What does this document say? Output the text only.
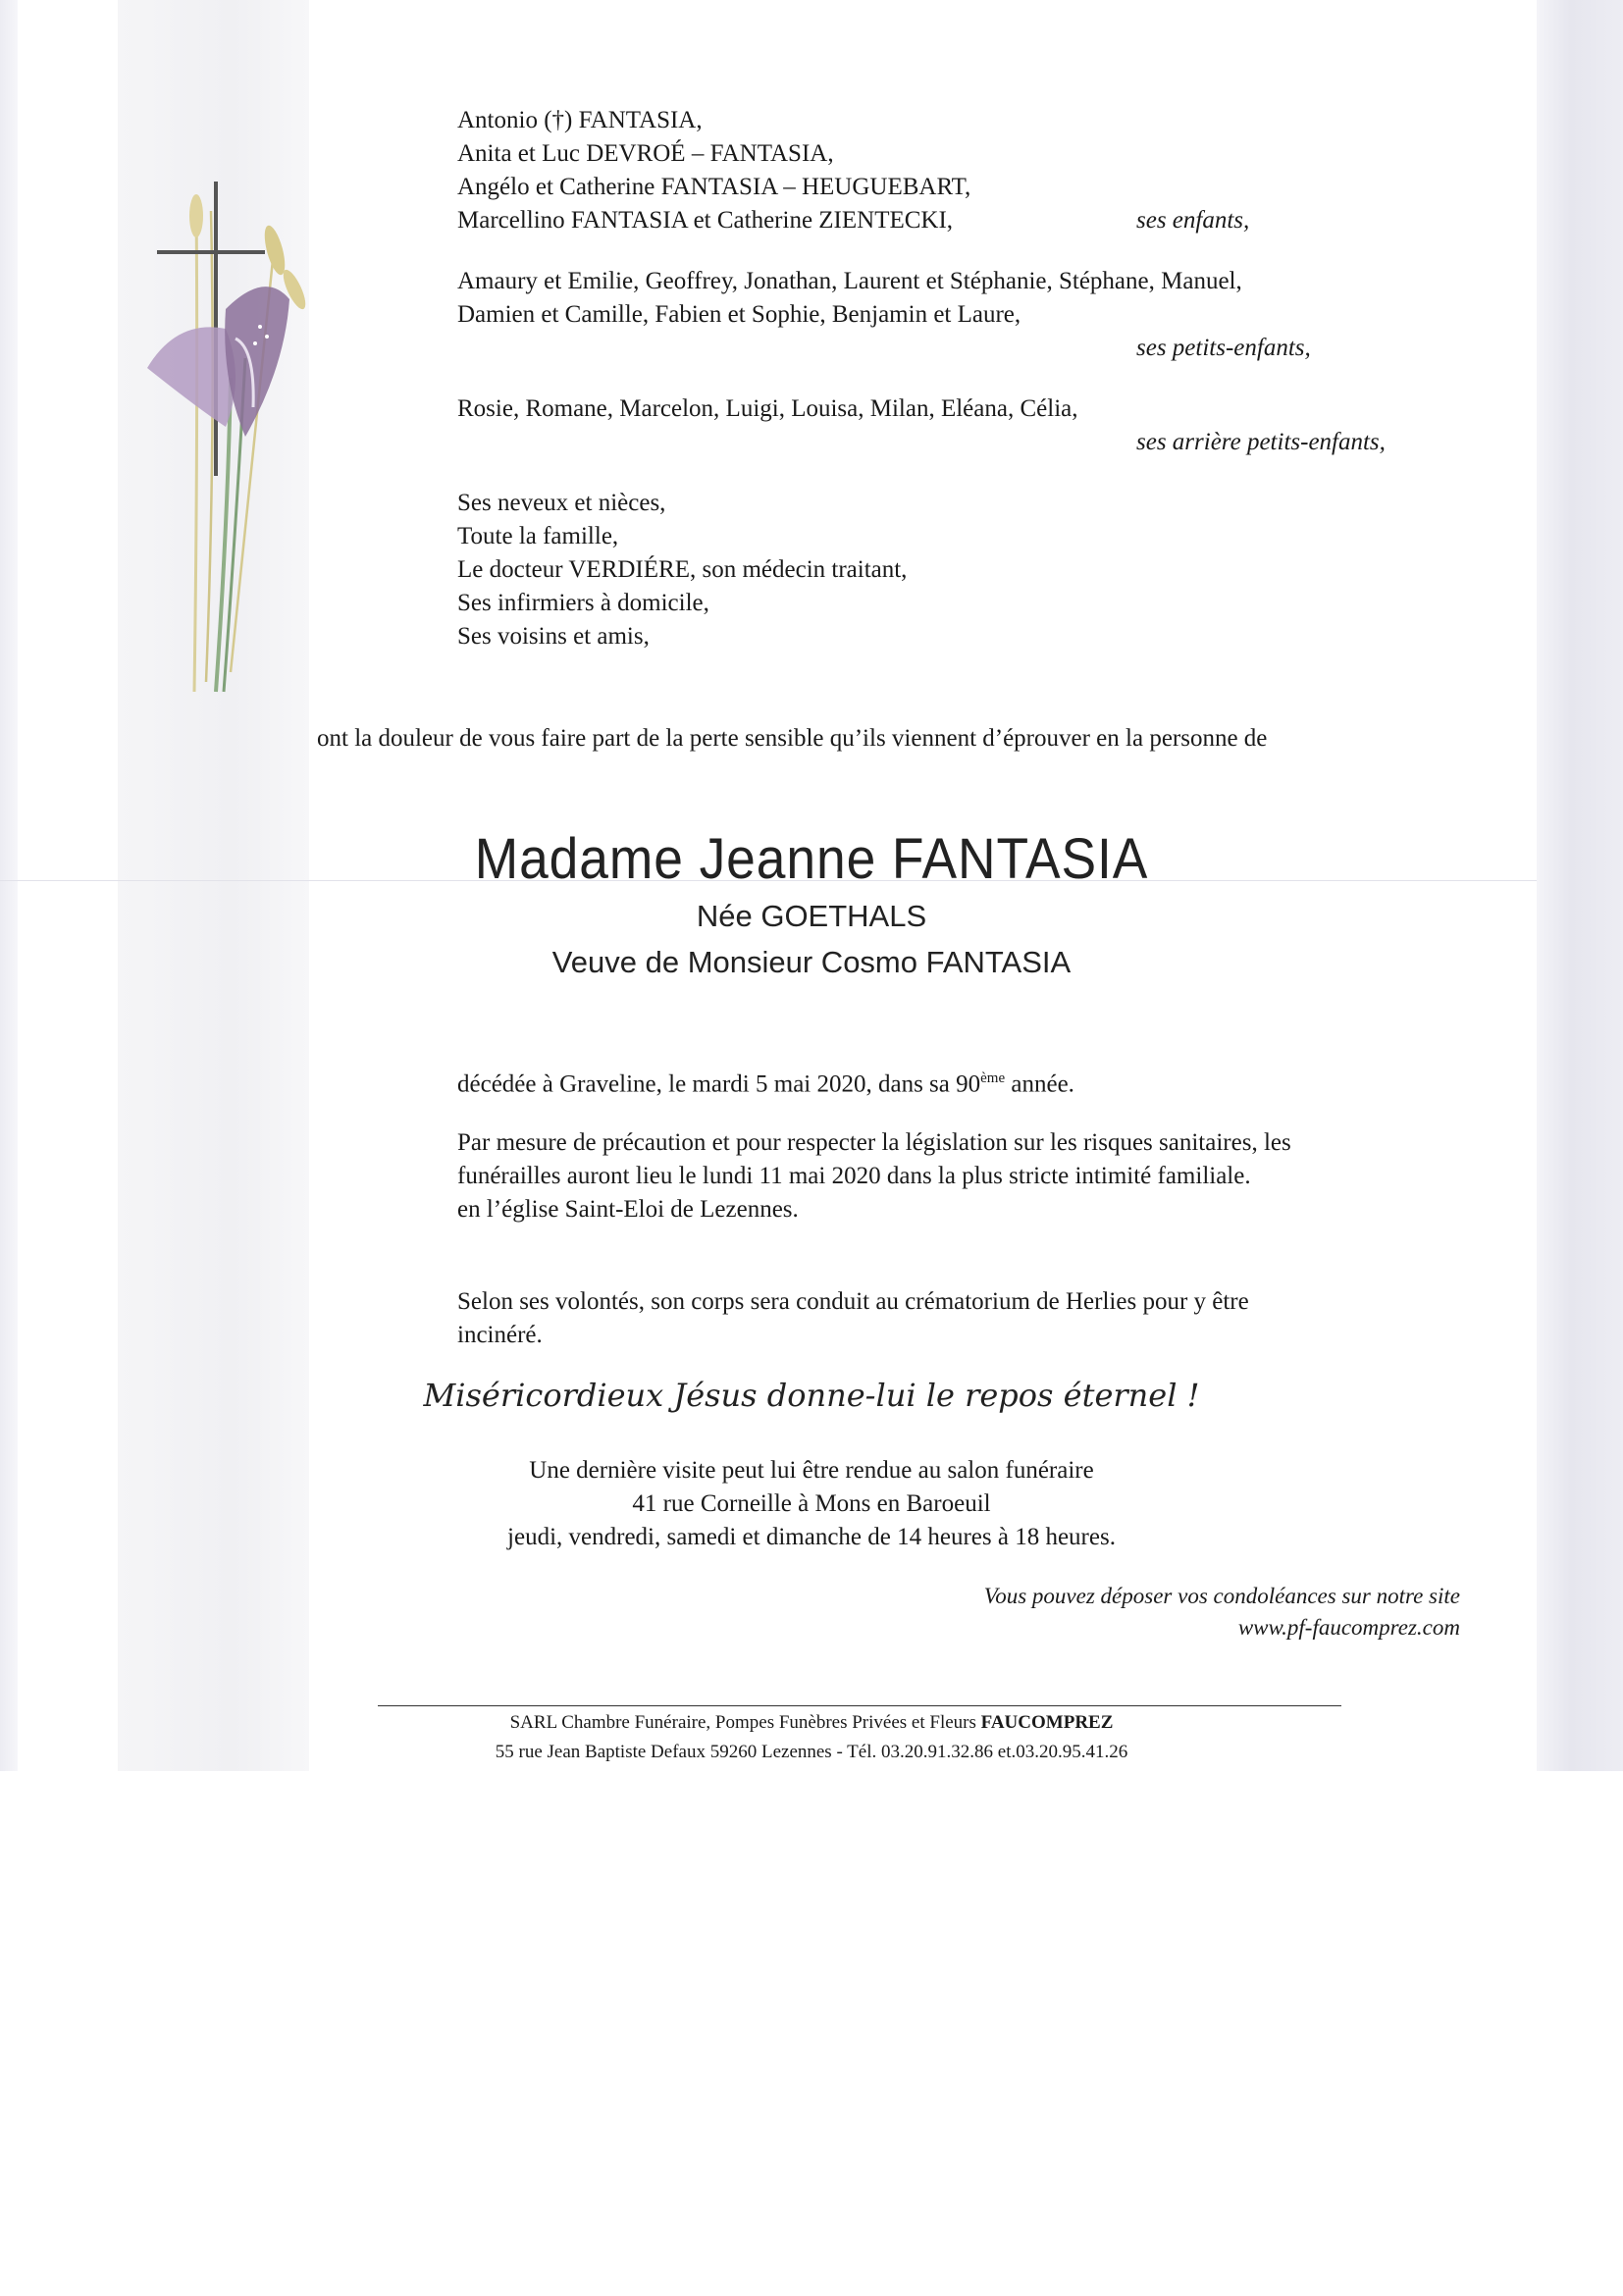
Antonio (†) FANTASIA,
Anita et Luc DEVROÉ – FANTASIA,
Angélo et Catherine FANTASIA – HEUGUEBART,
Marcellino FANTASIA et Catherine ZIENTECKI,	ses enfants,
Amaury et Emilie, Geoffrey, Jonathan, Laurent et Stéphanie, Stéphane, Manuel,
Damien et Camille, Fabien et Sophie, Benjamin et Laure,
ses petits-enfants,
Rosie, Romane, Marcelon, Luigi, Louisa, Milan, Eléana, Célia,
ses arrière petits-enfants,
Ses neveux et nièces,
Toute la famille,
Le docteur VERDIÉRE, son médecin traitant,
Ses infirmiers à domicile,
Ses voisins et amis,
ont la douleur de vous faire part de la perte sensible qu’ils viennent d’éprouver en la personne de
Madame Jeanne FANTASIA
Née GOETHALS
Veuve de Monsieur Cosmo FANTASIA
décédée à Graveline, le mardi 5 mai 2020, dans sa 90ème année.
Par mesure de précaution et pour respecter la législation sur les risques sanitaires, les
funérailles auront lieu le lundi 11 mai 2020 dans la plus stricte intimité familiale.
en l’église Saint-Eloi de Lezennes.
Selon ses volontés, son corps sera conduit au crématorium de Herlies pour y être
incinéré.
Miséricordieux Jésus donne-lui le repos éternel !
Une dernière visite peut lui être rendue au salon funéraire
41 rue Corneille à Mons en Baroeuil
jeudi, vendredi, samedi et dimanche de 14 heures à 18 heures.
Vous pouvez déposer vos condoléances sur notre site
www.pf-faucomprez.com
SARL Chambre Funéraire, Pompes Funèbres Privées et Fleurs FAUCOMPREZ
55 rue Jean Baptiste Defaux 59260 Lezennes - Tél. 03.20.91.32.86 et.03.20.95.41.26
